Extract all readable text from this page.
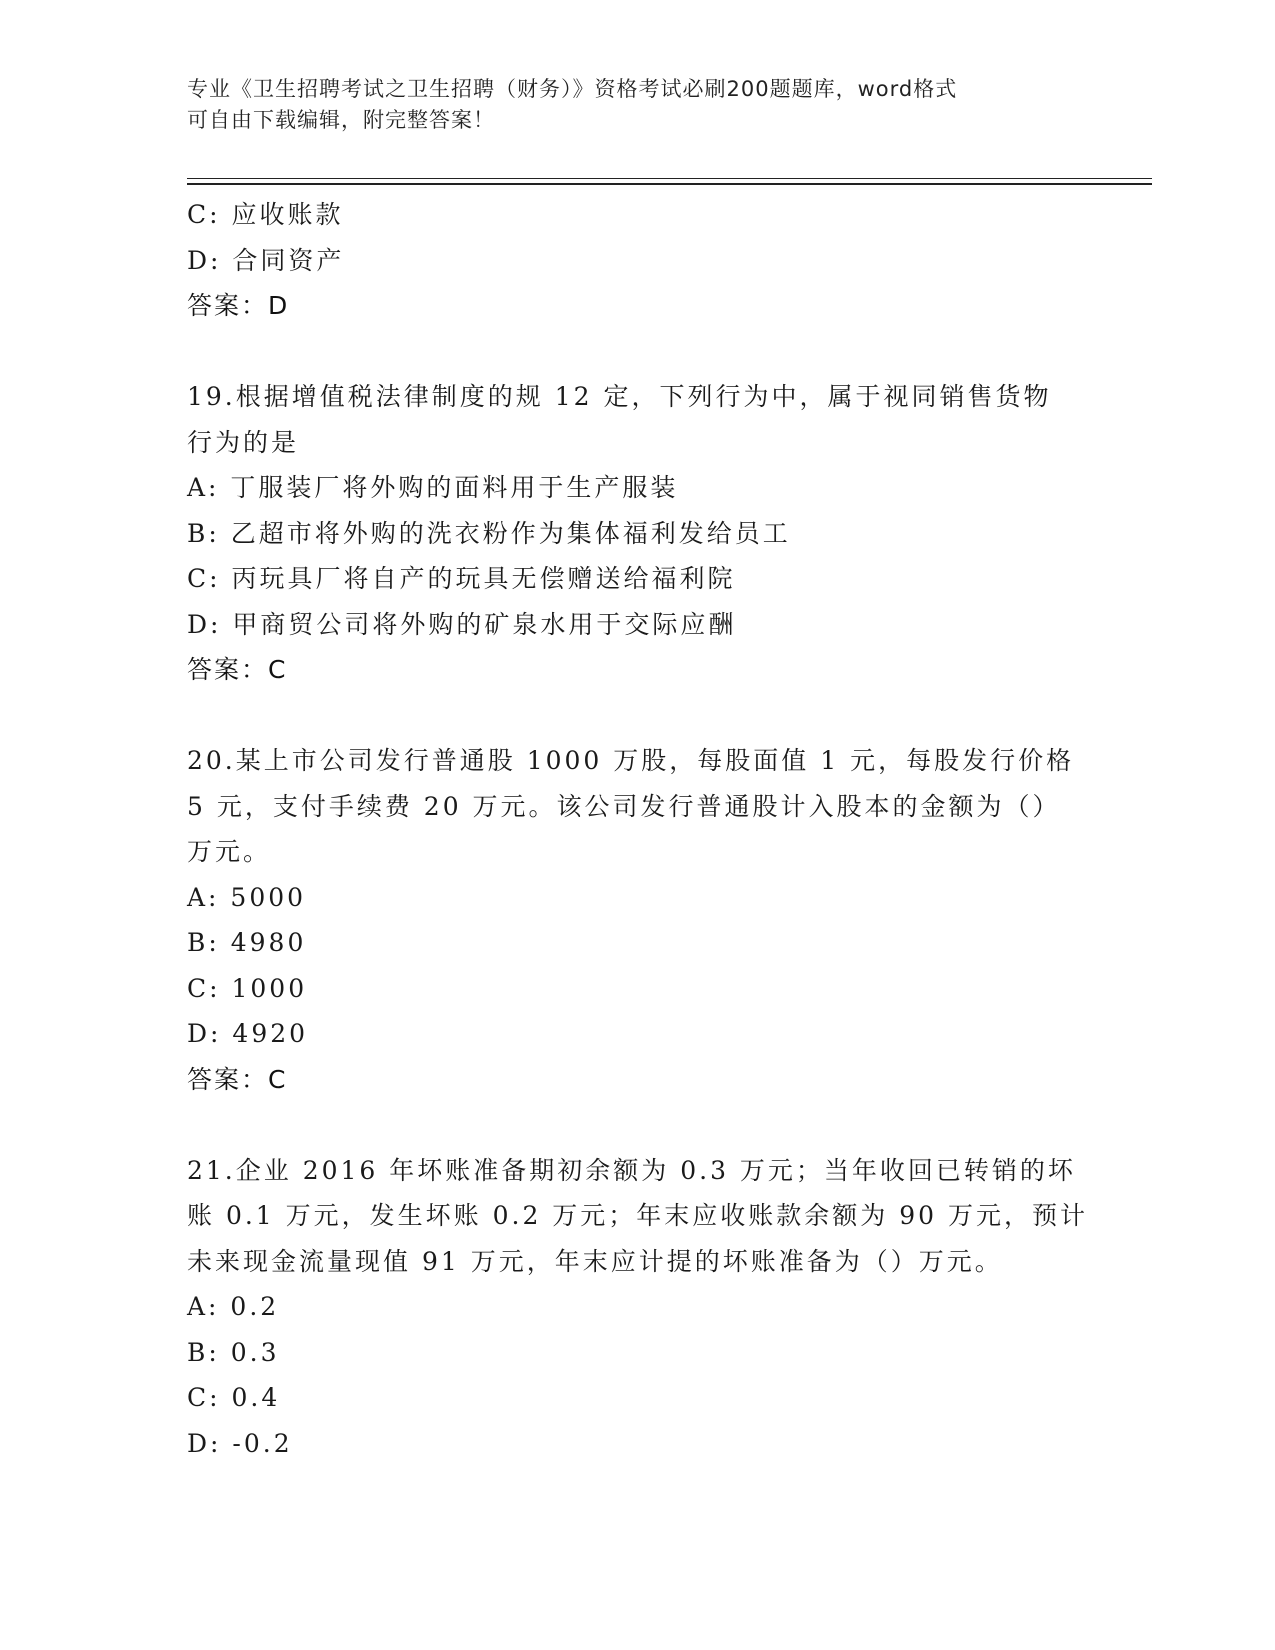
专业《卫生招聘考试之卫生招聘（财务）》资格考试必刷200题题库，word格式
可自由下载编辑，附完整答案！
C: 应收账款
D: 合同资产
答案：D
19.根据增值税法律制度的规 12 定，下列行为中，属于视同销售货物
行为的是
A: 丁服装厂将外购的面料用于生产服装
B: 乙超市将外购的洗衣粉作为集体福利发给员工
C: 丙玩具厂将自产的玩具无偿赠送给福利院
D: 甲商贸公司将外购的矿泉水用于交际应酬
答案：C
20.某上市公司发行普通股 1000 万股，每股面值 1 元，每股发行价格
5 元，支付手续费 20 万元。该公司发行普通股计入股本的金额为（）
万元。
A: 5000
B: 4980
C: 1000
D: 4920
答案：C
21.企业 2016 年坏账准备期初余额为 0.3 万元；当年收回已转销的坏
账 0.1 万元，发生坏账 0.2 万元；年末应收账款余额为 90 万元，预计
未来现金流量现值 91 万元，年末应计提的坏账准备为（）万元。
A: 0.2
B: 0.3
C: 0.4
D: -0.2
